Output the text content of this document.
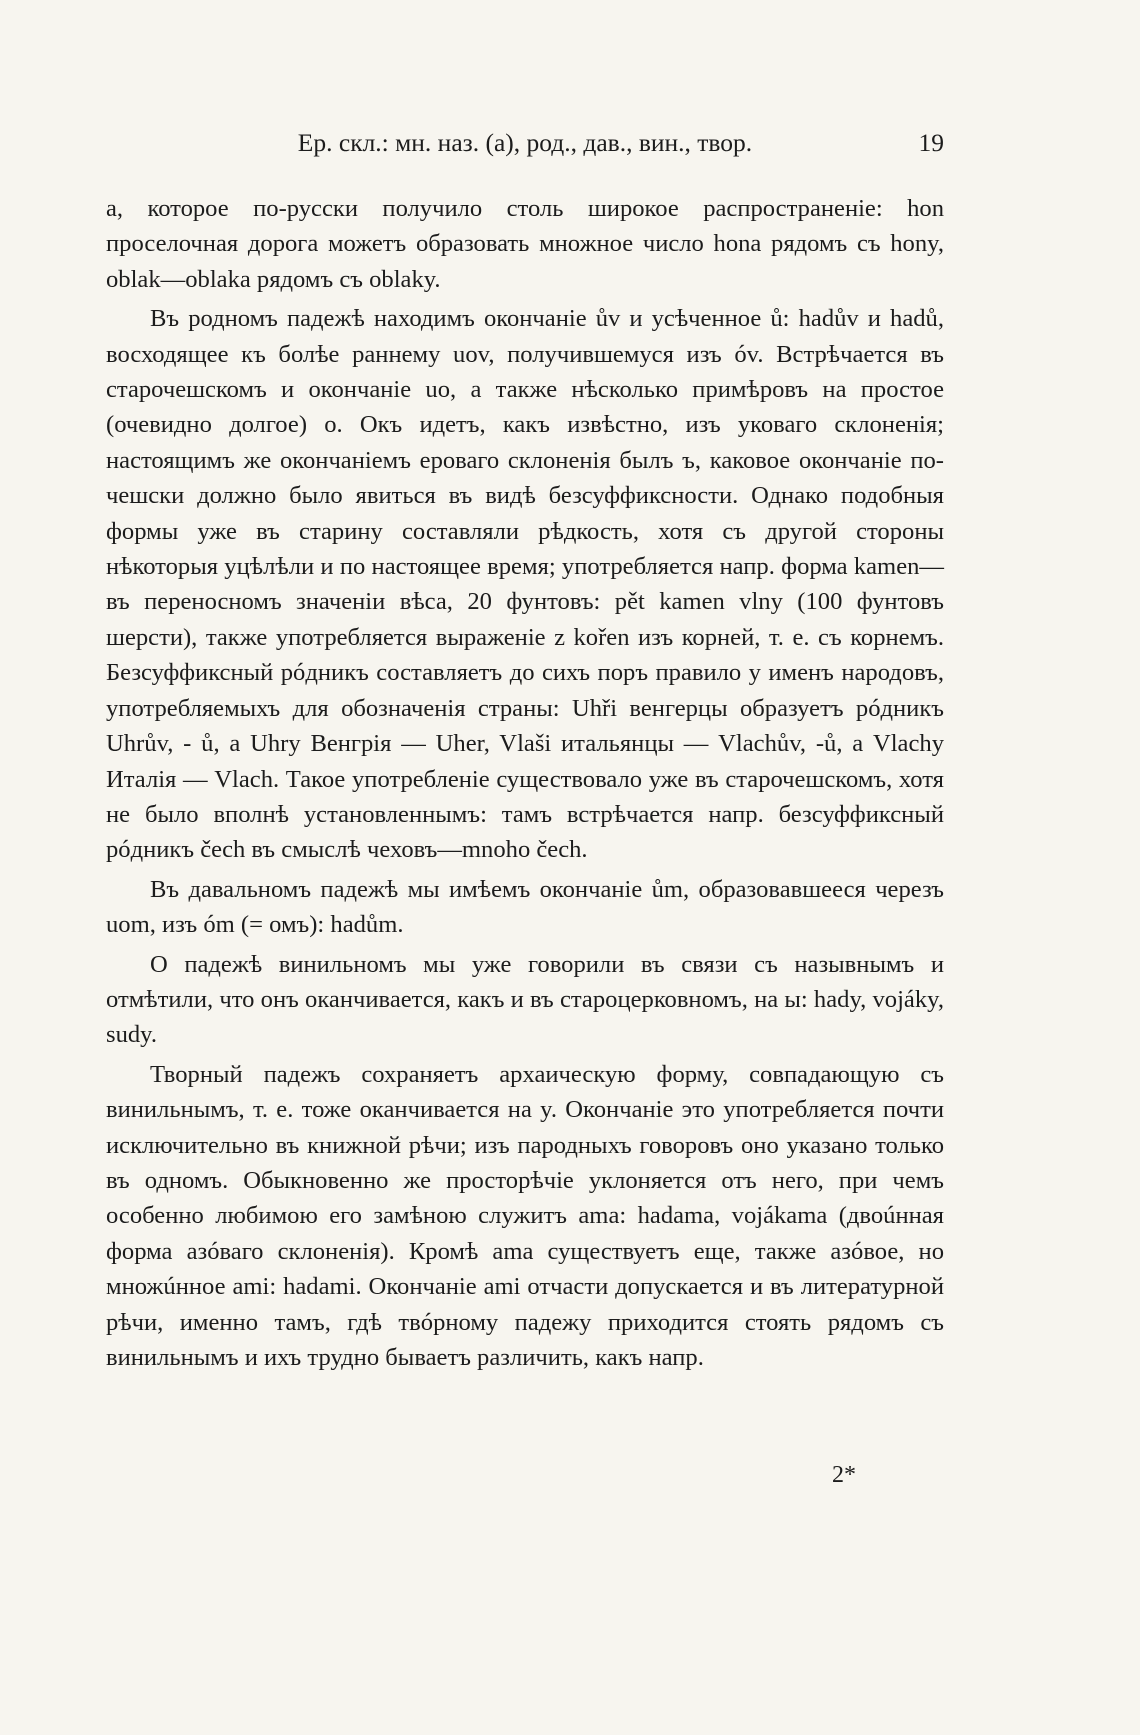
Ер. скл.: мн. наз. (а), род., дав., вин., твор.	19

a, которое по-русски получило столь широкое распространеніе: hon проселочная дорога можетъ образовать множное число hona рядомъ съ hony, oblak—oblaka рядомъ съ oblaky.

Въ родномъ падежѣ находимъ окончаніе ův и усѣченное ů: hadův и hadů, восходящее къ болѣе раннему uov, получившемуся изъ óv. Встрѣчается въ старочешскомъ и окончаніе uo, а также нѣсколько примѣровъ на простое (очевидно долгое) o. Окъ идетъ, какъ извѣстно, изъ уковаго склоненія; настоящимъ же окончаніемъ ероваго склоненія былъ ъ, каковое окончаніе по-чешски должно было явиться въ видѣ безсуффиксности. Однако подобныя формы уже въ старину составляли рѣдкость, хотя съ другой стороны нѣкоторыя уцѣлѣли и по настоящее время; употребляется напр. форма kamen—въ переносномъ значеніи вѣса, 20 фунтовъ: pět kamen vlny (100 фунтовъ шерсти), также употребляется выраженіе z kořen изъ корней, т. е. съ корнемъ. Безсуффиксный рóдникъ составляетъ до сихъ поръ правило у именъ народовъ, употребляемыхъ для обозначенія страны: Uhři венгерцы образуетъ рóдникъ Uhrův, - ů, а Uhry Венгрія — Uher, Vlaši итальянцы — Vlachův, -ů, а Vlachy Италія — Vlach. Такое употребленіе существовало уже въ старочешскомъ, хотя не было вполнѣ установленнымъ: тамъ встрѣчается напр. безсуффиксный рóдникъ čech въ смыслѣ чеховъ—mnoho čech.

Въ давальномъ падежѣ мы имѣемъ окончаніе ům, образовавшееся черезъ uom, изъ óm (= омъ): hadům.

О падежѣ винильномъ мы уже говорили въ связи съ назывнымъ и отмѣтили, что онъ оканчивается, какъ и въ староцерковномъ, на ы: hady, vojáky, sudy.

Творный падежъ сохраняетъ архаическую форму, совпадающую съ винильнымъ, т. е. тоже оканчивается на y. Окончаніе это употребляется почти исключительно въ книжной рѣчи; изъ пародныхъ говоровъ оно указано только въ одномъ. Обыкновенно же просторѣчіе уклоняется отъ него, при чемъ особенно любимою его замѣною служитъ ama: hadama, vojákama (двоúнная форма азóваго склоненія). Кромѣ ama существуетъ еще, также азóвое, но множúнное ami: hadami. Окончаніе ami отчасти допускается и въ литературной рѣчи, именно тамъ, гдѣ твóрному падежу приходится стоять рядомъ съ винильнымъ и ихъ трудно бываетъ различить, какъ напр.

2*
